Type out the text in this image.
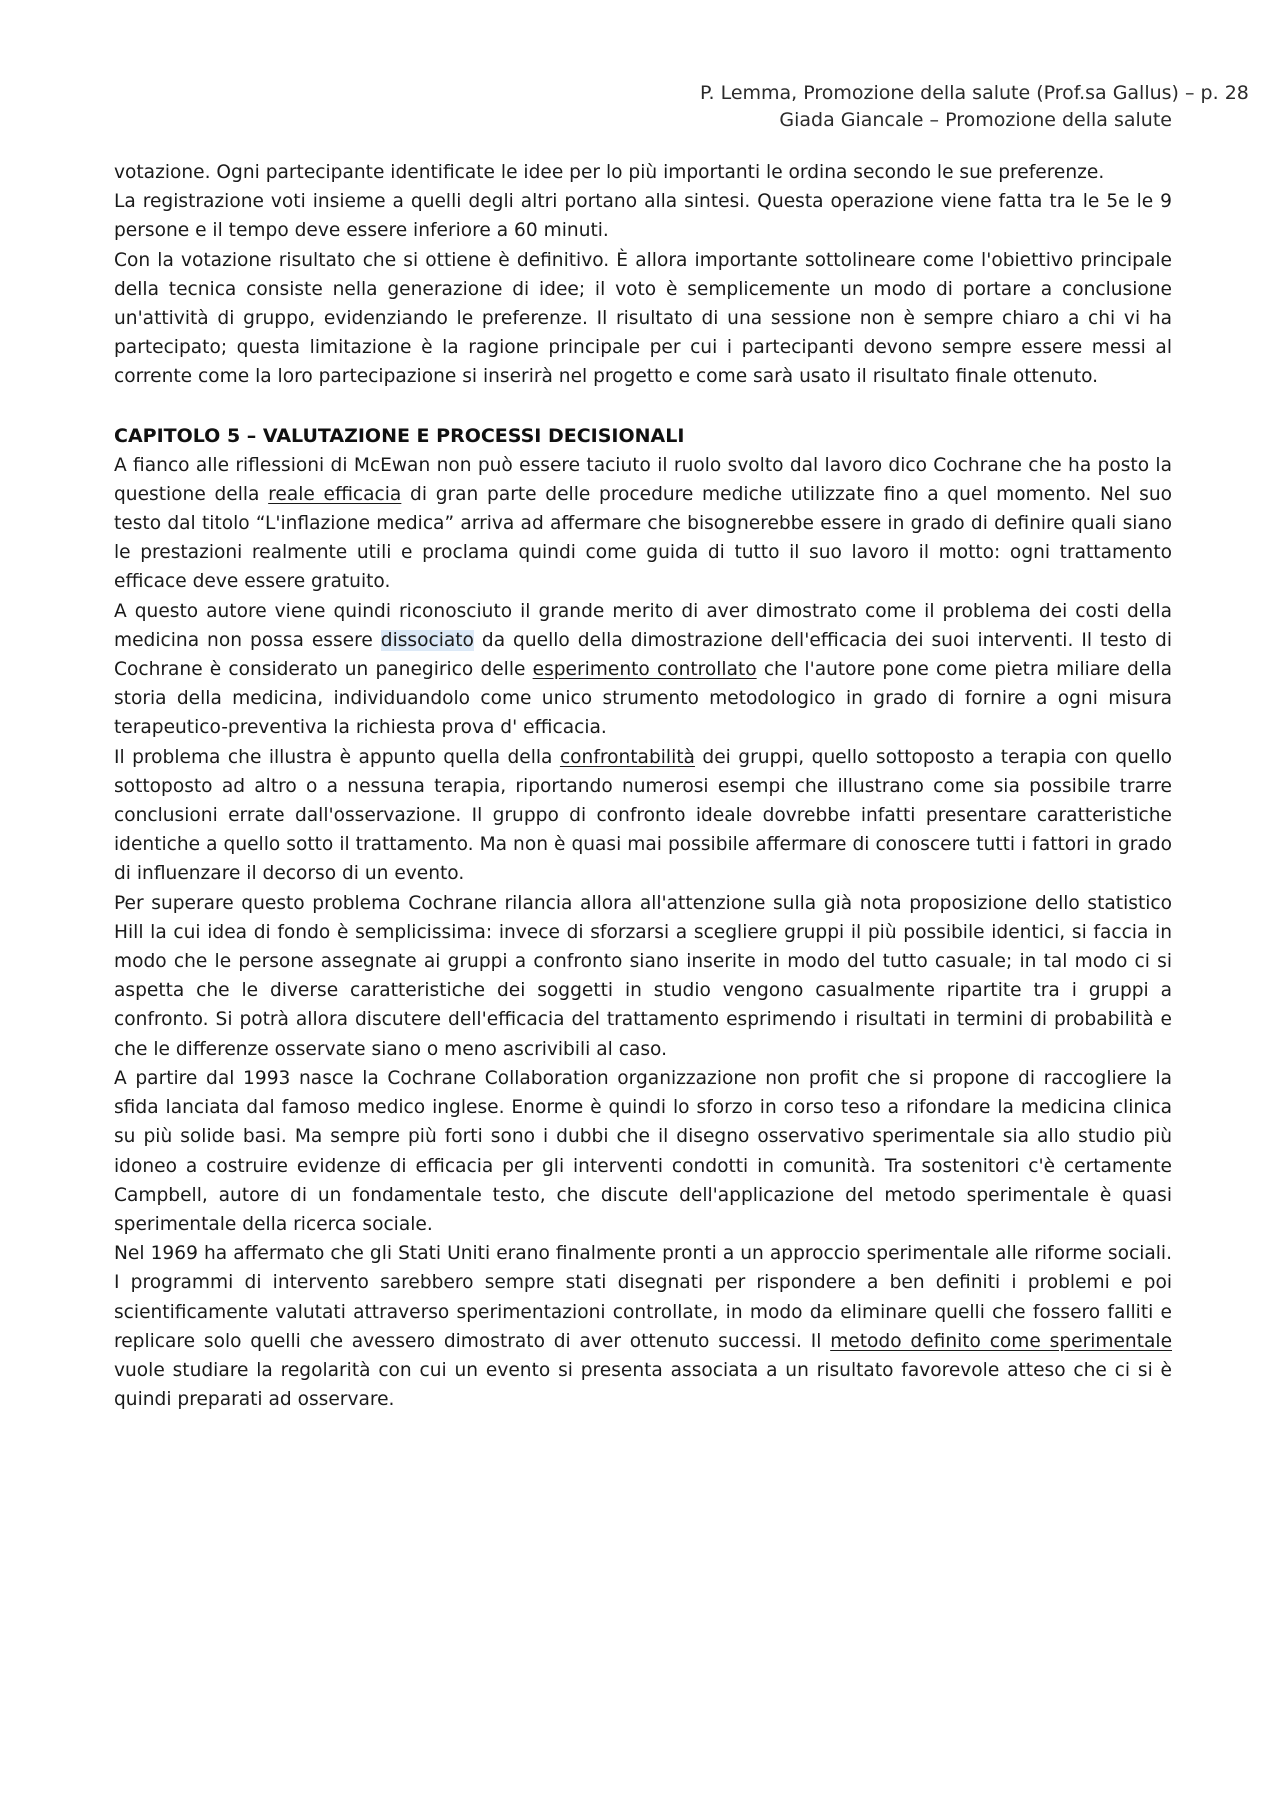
P. Lemma, Promozione della salute (Prof.sa Gallus) – p. 28
Giada Giancale – Promozione della salute

votazione. Ogni partecipante identificate le idee per lo più importanti le ordina secondo le sue preferenze.

La registrazione voti insieme a quelli degli altri portano alla sintesi. Questa operazione viene fatta tra le 5e le 9 persone e il tempo deve essere inferiore a 60 minuti.

Con la votazione risultato che si ottiene è definitivo. È allora importante sottolineare come l'obiettivo principale della tecnica consiste nella generazione di idee; il voto è semplicemente un modo di portare a conclusione un'attività di gruppo, evidenziando le preferenze. Il risultato di una sessione non è sempre chiaro a chi vi ha partecipato; questa limitazione è la ragione principale per cui i partecipanti devono sempre essere messi al corrente come la loro partecipazione si inserirà nel progetto e come sarà usato il risultato finale ottenuto.

CAPITOLO 5 – VALUTAZIONE E PROCESSI DECISIONALI

A fianco alle riflessioni di McEwan non può essere taciuto il ruolo svolto dal lavoro dico Cochrane che ha posto la questione della reale efficacia di gran parte delle procedure mediche utilizzate fino a quel momento. Nel suo testo dal titolo “L'inflazione medica” arriva ad affermare che bisognerebbe essere in grado di definire quali siano le prestazioni realmente utili e proclama quindi come guida di tutto il suo lavoro il motto: ogni trattamento efficace deve essere gratuito.

A questo autore viene quindi riconosciuto il grande merito di aver dimostrato come il problema dei costi della medicina non possa essere dissociato da quello della dimostrazione dell'efficacia dei suoi interventi. Il testo di Cochrane è considerato un panegirico delle esperimento controllato che l'autore pone come pietra miliare della storia della medicina, individuandolo come unico strumento metodologico in grado di fornire a ogni misura terapeutico-preventiva la richiesta prova d' efficacia.

Il problema che illustra è appunto quella della confrontabilità dei gruppi, quello sottoposto a terapia con quello sottoposto ad altro o a nessuna terapia, riportando numerosi esempi che illustrano come sia possibile trarre conclusioni errate dall'osservazione. Il gruppo di confronto ideale dovrebbe infatti presentare caratteristiche identiche a quello sotto il trattamento. Ma non è quasi mai possibile affermare di conoscere tutti i fattori in grado di influenzare il decorso di un evento.

Per superare questo problema Cochrane rilancia allora all'attenzione sulla già nota proposizione dello statistico Hill la cui idea di fondo è semplicissima: invece di sforzarsi a scegliere gruppi il più possibile identici, si faccia in modo che le persone assegnate ai gruppi a confronto siano inserite in modo del tutto casuale; in tal modo ci si aspetta che le diverse caratteristiche dei soggetti in studio vengono casualmente ripartite tra i gruppi a confronto. Si potrà allora discutere dell'efficacia del trattamento esprimendo i risultati in termini di probabilità e che le differenze osservate siano o meno ascrivibili al caso.

A partire dal 1993 nasce la Cochrane Collaboration organizzazione non profit che si propone di raccogliere la sfida lanciata dal famoso medico inglese. Enorme è quindi lo sforzo in corso teso a rifondare la medicina clinica su più solide basi. Ma sempre più forti sono i dubbi che il disegno osservativo sperimentale sia allo studio più idoneo a costruire evidenze di efficacia per gli interventi condotti in comunità. Tra sostenitori c'è certamente Campbell, autore di un fondamentale testo, che discute dell'applicazione del metodo sperimentale è quasi sperimentale della ricerca sociale.

Nel 1969 ha affermato che gli Stati Uniti erano finalmente pronti a un approccio sperimentale alle riforme sociali. I programmi di intervento sarebbero sempre stati disegnati per rispondere a ben definiti i problemi e poi scientificamente valutati attraverso sperimentazioni controllate, in modo da eliminare quelli che fossero falliti e replicare solo quelli che avessero dimostrato di aver ottenuto successi. Il metodo definito come sperimentale vuole studiare la regolarità con cui un evento si presenta associata a un risultato favorevole atteso che ci si è quindi preparati ad osservare.
